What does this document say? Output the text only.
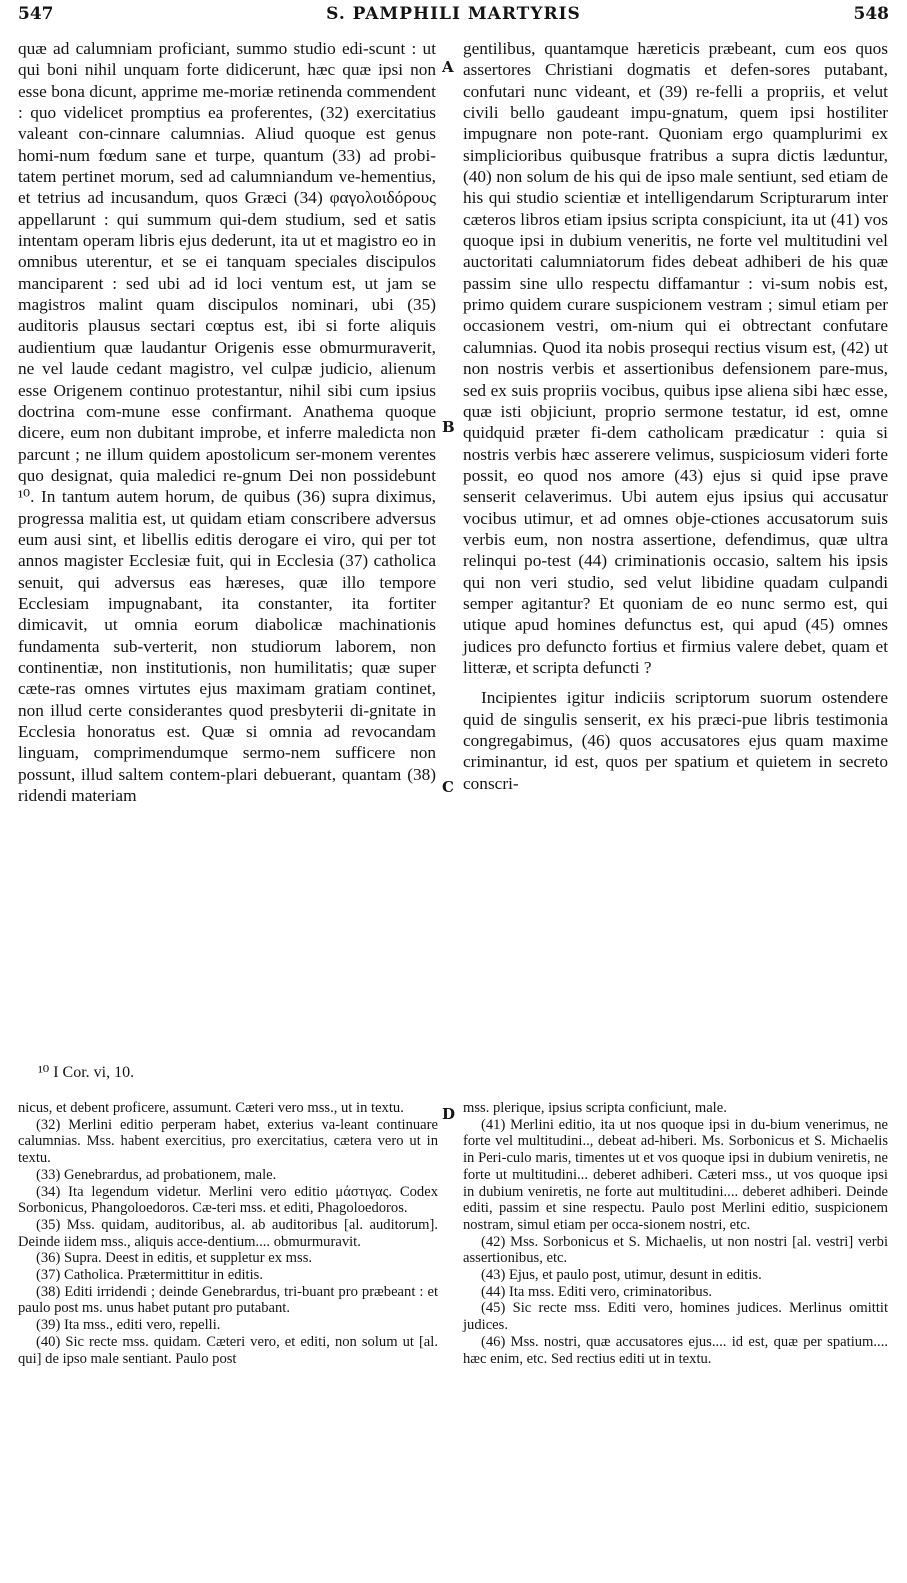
547	S. PAMPHILI MARTYRIS	548

quæ ad calumniam proficiant, summo studio edi-scunt : ut qui boni nihil unquam forte didicerunt, hæc quæ ipsi non esse bona dicunt, apprime me-moriæ retinenda commendent : quo videlicet promptius ea proferentes, (32) exercitatius valeant con-cinnare calumnias. Aliud quoque est genus homi-num fœdum sane et turpe, quantum (33) ad probi-tatem pertinet morum, sed ad calumniandum ve-hementius, et tetrius ad incusandum, quos Græci (34) φαγολοιδόρους appellarunt : qui summum qui-dem studium, sed et satis intentam operam libris ejus dederunt, ita ut et magistro eo in omnibus uterentur, et se ei tanquam speciales discipulos manciparent : sed ubi ad id loci ventum est, ut jam se magistros malint quam discipulos nominari, ubi (35) auditoris plausus sectari cœptus est, ibi si forte aliquis audientium quæ laudantur Origenis esse obmurmuraverit, ne vel laude cedant magistro, vel culpæ judicio, alienum esse Origenem continuo protestantur, nihil sibi cum ipsius doctrina com-mune esse confirmant. Anathema quoque dicere, eum non dubitant improbe, et inferre maledicta non parcunt ; ne illum quidem apostolicum ser-monem verentes quo designat, quia maledici re-gnum Dei non possidebunt ¹⁰. In tantum autem horum, de quibus (36) supra diximus, progressa malitia est, ut quidam etiam conscribere adversus eum ausi sint, et libellis editis derogare ei viro, qui per tot annos magister Ecclesiæ fuit, qui in Ecclesia (37) catholica senuit, qui adversus eas hæreses, quæ illo tempore Ecclesiam impugnabant, ita constanter, ita fortiter dimicavit, ut omnia eorum diabolicæ machinationis fundamenta sub-verterit, non studiorum laborem, non continentiæ, non institutionis, non humilitatis; quæ super cæte-ras omnes virtutes ejus maximam gratiam continet, non illud certe considerantes quod presbyterii di-gnitate in Ecclesia honoratus est. Quæ si omnia ad revocandam linguam, comprimendumque sermo-nem sufficere non possunt, illud saltem contem-plari debuerant, quantam (38) ridendi materiam

A
B
C
D

gentilibus, quantamque hæreticis præbeant, cum eos quos assertores Christiani dogmatis et defen-sores putabant, confutari nunc videant, et (39) re-felli a propriis, et velut civili bello gaudeant impu-gnatum, quem ipsi hostiliter impugnare non pote-rant. Quoniam ergo quamplurimi ex simplicioribus quibusque fratribus a supra dictis læduntur, (40) non solum de his qui de ipso male sentiunt, sed etiam de his qui studio scientiæ et intelligendarum Scripturarum inter cæteros libros etiam ipsius scripta conspiciunt, ita ut (41) vos quoque ipsi in dubium veneritis, ne forte vel multitudini vel auctoritati calumniatorum fides debeat adhiberi de his quæ passim sine ullo respectu diffamantur : vi-sum nobis est, primo quidem curare suspicionem vestram ; simul etiam per occasionem vestri, om-nium qui ei obtrectant confutare calumnias. Quod ita nobis prosequi rectius visum est, (42) ut non nostris verbis et assertionibus defensionem pare-mus, sed ex suis propriis vocibus, quibus ipse aliena sibi hæc esse, quæ isti objiciunt, proprio sermone testatur, id est, omne quidquid præter fi-dem catholicam prædicatur : quia si nostris verbis hæc asserere velimus, suspiciosum videri forte possit, eo quod nos amore (43) ejus si quid ipse prave senserit celaverimus. Ubi autem ejus ipsius qui accusatur vocibus utimur, et ad omnes obje-ctiones accusatorum suis verbis eum, non nostra assertione, defendimus, quæ ultra relinqui po-test (44) criminationis occasio, saltem his ipsis qui non veri studio, sed velut libidine quadam culpandi semper agitantur? Et quoniam de eo nunc sermo est, qui utique apud homines defunctus est, qui apud (45) omnes judices pro defuncto fortius et firmius valere debet, quam et litteræ, et scripta defuncti ?

Incipientes igitur indiciis scriptorum suorum ostendere quid de singulis senserit, ex his præci-pue libris testimonia congregabimus, (46) quos accusatores ejus quam maxime criminantur, id est, quos per spatium et quietem in secreto conscri-

¹⁰ I Cor. vi, 10.

nicus, et debent proficere, assumunt. Cæteri vero mss., ut in textu.

(32) Merlini editio perperam habet, exterius va-leant continuare calumnias. Mss. habent exercitius, pro exercitatius, cætera vero ut in textu.

(33) Genebrardus, ad probationem, male.

(34) Ita legendum videtur. Merlini vero editio μάστιγας. Codex Sorbonicus, Phangoloedoros. Cæ-teri mss. et editi, Phagoloedoros.

(35) Mss. quidam, auditoribus, al. ab auditoribus [al. auditorum]. Deinde iidem mss., aliquis acce-dentium.... obmurmuravit.

(36) Supra. Deest in editis, et suppletur ex mss.

(37) Catholica. Prætermittitur in editis.

(38) Editi irridendi ; deinde Genebrardus, tri-buant pro præbeant : et paulo post ms. unus habet putant pro putabant.

(39) Ita mss., editi vero, repelli.

(40) Sic recte mss. quidam. Cæteri vero, et editi, non solum ut [al. qui] de ipso male sentiant. Paulo post

mss. plerique, ipsius scripta conficiunt, male.

(41) Merlini editio, ita ut nos quoque ipsi in du-bium venerimus, ne forte vel multitudini.., debeat ad-hiberi. Ms. Sorbonicus et S. Michaelis in Peri-culo maris, timentes ut et vos quoque ipsi in dubium veniretis, ne forte ut multitudini... deberet adhiberi. Cæteri mss., ut vos quoque ipsi in dubium veniretis, ne forte aut multitudini.... deberet adhiberi. Deinde editi, passim et sine respectu. Paulo post Merlini editio, suspicionem nostram, simul etiam per occa-sionem nostri, etc.

(42) Mss. Sorbonicus et S. Michaelis, ut non nostri [al. vestri] verbi assertionibus, etc.

(43) Ejus, et paulo post, utimur, desunt in editis.

(44) Ita mss. Editi vero, criminatoribus.

(45) Sic recte mss. Editi vero, homines judices. Merlinus omittit judices.

(46) Mss. nostri, quæ accusatores ejus.... id est, quæ per spatium.... hæc enim, etc. Sed rectius editi ut in textu.
